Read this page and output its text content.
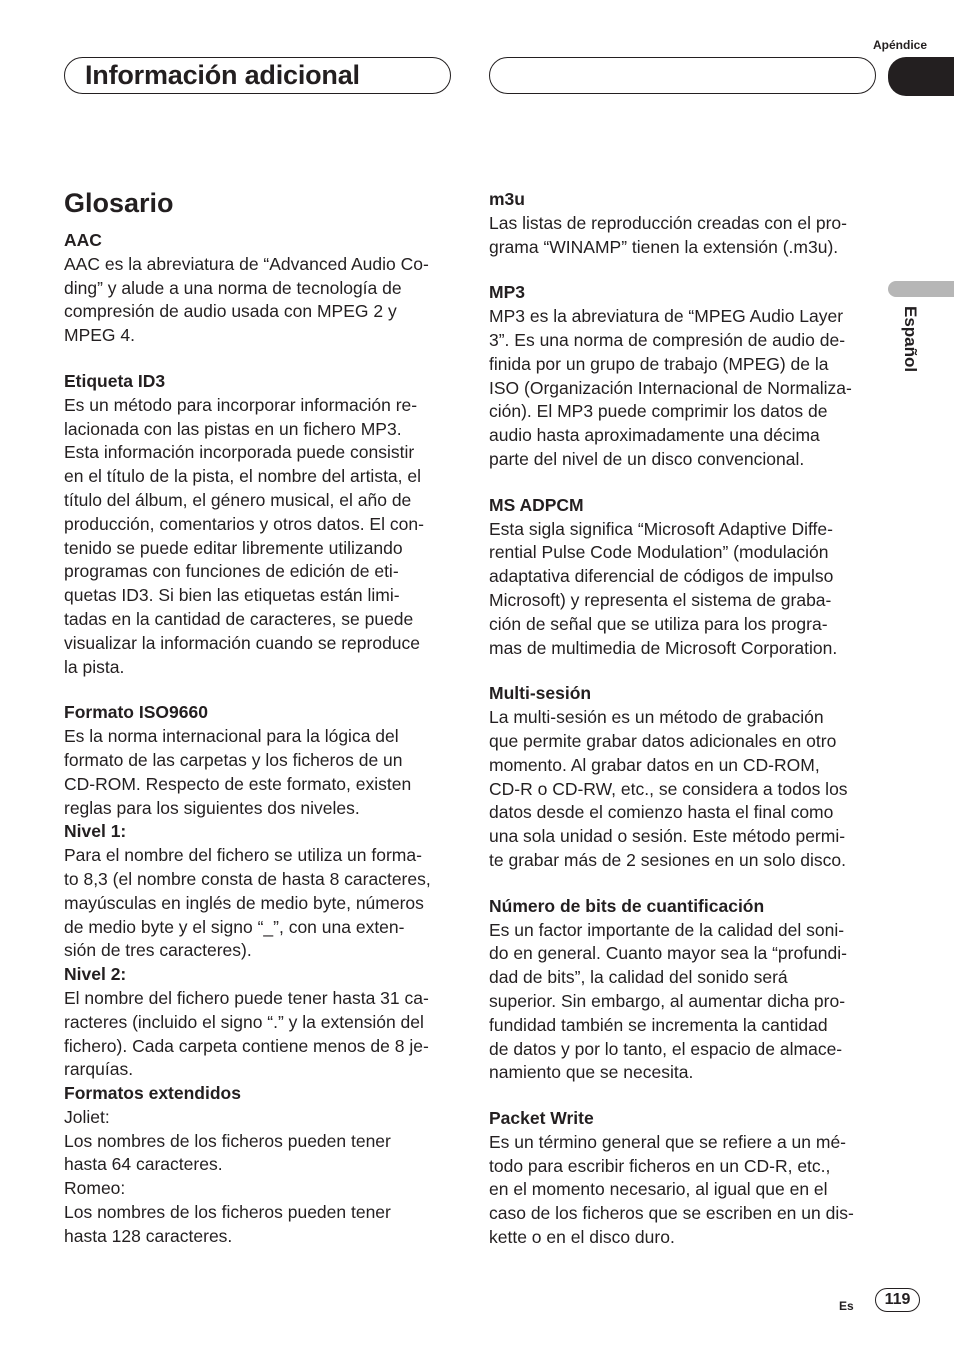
Apéndice
Información adicional
Español
Glosario
AAC
AAC es la abreviatura de “Advanced Audio Co-
ding” y alude a una norma de tecnología de
compresión de audio usada con MPEG 2 y
MPEG 4.
Etiqueta ID3
Es un método para incorporar información re-
lacionada con las pistas en un fichero MP3.
Esta información incorporada puede consistir
en el título de la pista, el nombre del artista, el
título del álbum, el género musical, el año de
producción, comentarios y otros datos. El con-
tenido se puede editar libremente utilizando
programas con funciones de edición de eti-
quetas ID3. Si bien las etiquetas están limi-
tadas en la cantidad de caracteres, se puede
visualizar la información cuando se reproduce
la pista.
Formato ISO9660
Es la norma internacional para la lógica del
formato de las carpetas y los ficheros de un
CD-ROM. Respecto de este formato, existen
reglas para los siguientes dos niveles.
Nivel 1:
Para el nombre del fichero se utiliza un forma-
to 8,3 (el nombre consta de hasta 8 caracteres,
mayúsculas en inglés de medio byte, números
de medio byte y el signo “_”, con una exten-
sión de tres caracteres).
Nivel 2:
El nombre del fichero puede tener hasta 31 ca-
racteres (incluido el signo “.” y la extensión del
fichero). Cada carpeta contiene menos de 8 je-
rarquías.
Formatos extendidos
Joliet:
Los nombres de los ficheros pueden tener
hasta 64 caracteres.
Romeo:
Los nombres de los ficheros pueden tener
hasta 128 caracteres.
m3u
Las listas de reproducción creadas con el pro-
grama “WINAMP” tienen la extensión (.m3u).
MP3
MP3 es la abreviatura de “MPEG Audio Layer
3”. Es una norma de compresión de audio de-
finida por un grupo de trabajo (MPEG) de la
ISO (Organización Internacional de Normaliza-
ción). El MP3 puede comprimir los datos de
audio hasta aproximadamente una décima
parte del nivel de un disco convencional.
MS ADPCM
Esta sigla significa “Microsoft Adaptive Diffe-
rential Pulse Code Modulation” (modulación
adaptativa diferencial de códigos de impulso
Microsoft) y representa el sistema de graba-
ción de señal que se utiliza para los progra-
mas de multimedia de Microsoft Corporation.
Multi-sesión
La multi-sesión es un método de grabación
que permite grabar datos adicionales en otro
momento. Al grabar datos en un CD-ROM,
CD-R o CD-RW, etc., se considera a todos los
datos desde el comienzo hasta el final como
una sola unidad o sesión. Este método permi-
te grabar más de 2 sesiones en un solo disco.
Número de bits de cuantificación
Es un factor importante de la calidad del soni-
do en general. Cuanto mayor sea la “profundi-
dad de bits”, la calidad del sonido será
superior. Sin embargo, al aumentar dicha pro-
fundidad también se incrementa la cantidad
de datos y por lo tanto, el espacio de almace-
namiento que se necesita.
Packet Write
Es un término general que se refiere a un mé-
todo para escribir ficheros en un CD-R, etc.,
en el momento necesario, al igual que en el
caso de los ficheros que se escriben en un dis-
kette o en el disco duro.
Es	119
